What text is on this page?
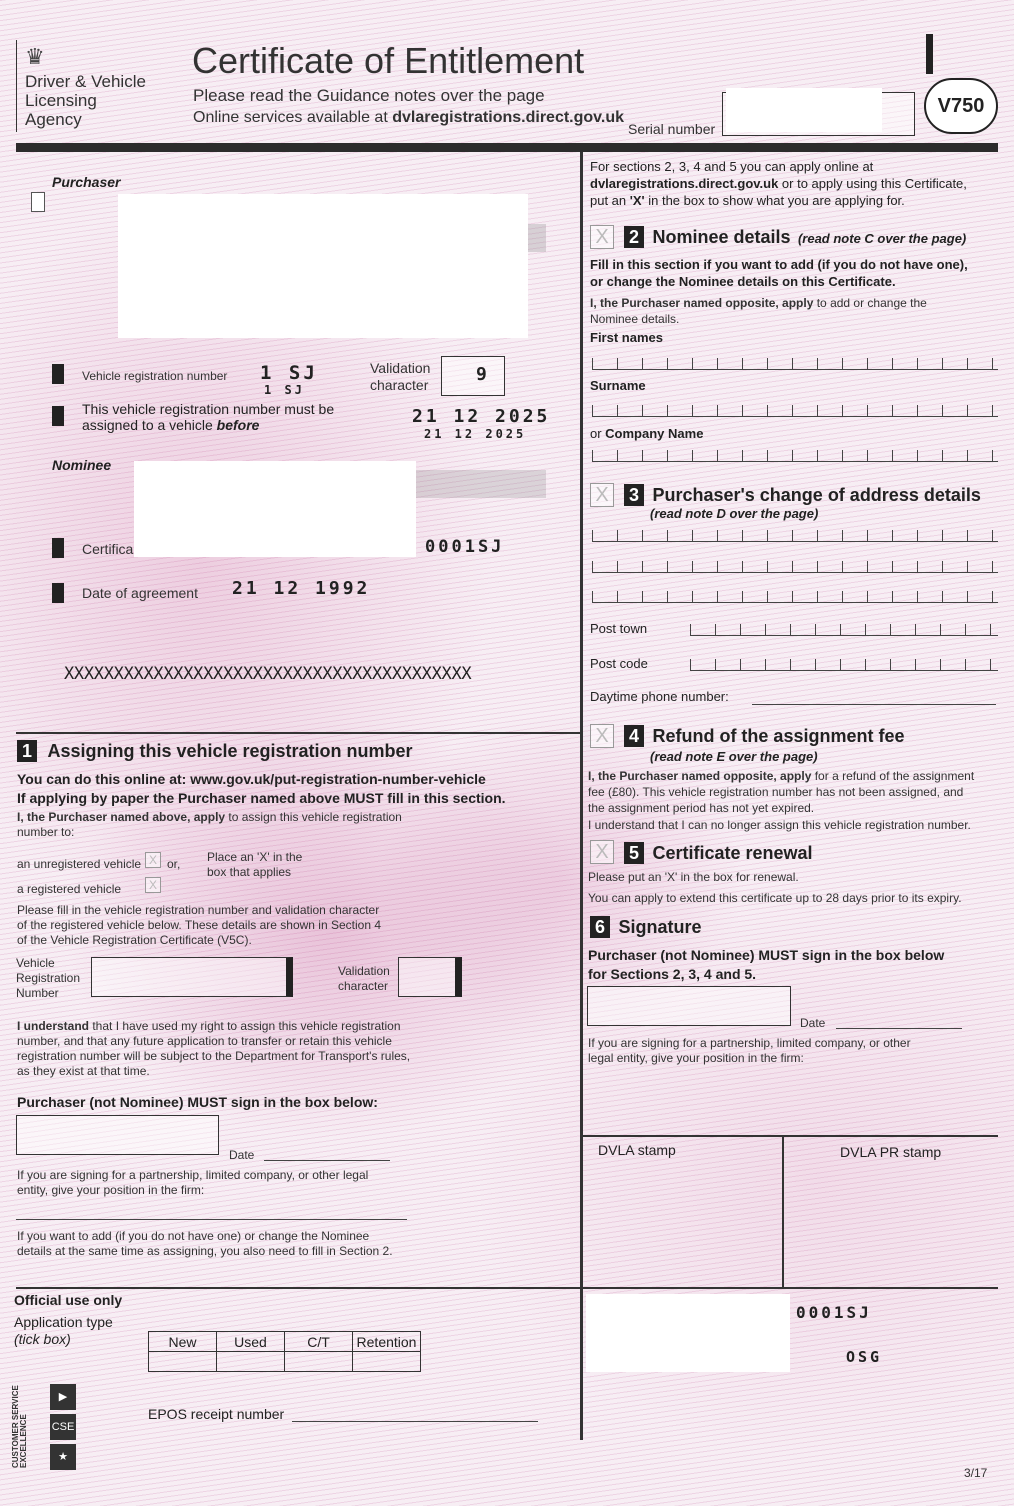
♛
Driver & Vehicle
Licensing
Agency
Certificate of Entitlement
Please read the Guidance notes over the page
Online services available at dvlaregistrations.direct.gov.uk
Serial number
V750
Purchaser
Vehicle registration number 1 SJ
1 SJ
Validation
character	9
This vehicle registration number must be
assigned to a vehicle before	21 12 2025
21 12 2025
Nominee
Certifica	0001SJ
Date of agreement 21 12 1992
XXXXXXXXXXXXXXXXXXXXXXXXXXXXXXXXXXXXXXXXX
1 Assigning this vehicle registration number
You can do this online at: www.gov.uk/put-registration-number-vehicle
If applying by paper the Purchaser named above MUST fill in this section.
I, the Purchaser named above, apply to assign this vehicle registration
number to:
an unregistered vehicle X or, Place an 'X' in the
box that applies
a registered vehicle	X
Please fill in the vehicle registration number and validation character
of the registered vehicle below. These details are shown in Section 4
of the Vehicle Registration Certificate (V5C).
Vehicle
Registration
Number
Validation
character
I understand that I have used my right to assign this vehicle registration
number, and that any future application to transfer or retain this vehicle
registration number will be subject to the Department for Transport's rules,
as they exist at that time.
Purchaser (not Nominee) MUST sign in the box below:
Date
If you are signing for a partnership, limited company, or other legal
entity, give your position in the firm:
If you want to add (if you do not have one) or change the Nominee
details at the same time as assigning, you also need to fill in Section 2.
Official use only
Application type
(tick box)	New	Used	C/T	Retention

EPOS receipt number
CUSTOMER SERVICE EXCELLENCE
▶
CSE
★
For sections 2, 3, 4 and 5 you can apply online at
dvlaregistrations.direct.gov.uk or to apply using this Certificate,
put an 'X' in the box to show what you are applying for.
X 2 Nominee details (read note C over the page)
Fill in this section if you want to add (if you do not have one),
or change the Nominee details on this Certificate.
I, the Purchaser named opposite, apply to add or change the
Nominee details.
First names
Surname
or Company Name
X 3 Purchaser's change of address details
(read note D over the page)
Post town
Post code
Daytime phone number:
X 4 Refund of the assignment fee
(read note E over the page)
I, the Purchaser named opposite, apply for a refund of the assignment
fee (£80). This vehicle registration number has not been assigned, and
the assignment period has not yet expired.
I understand that I can no longer assign this vehicle registration number.
X 5 Certificate renewal
Please put an 'X' in the box for renewal.
You can apply to extend this certificate up to 28 days prior to its expiry.
6 Signature
Purchaser (not Nominee) MUST sign in the box below
for Sections 2, 3, 4 and 5.
Date
If you are signing for a partnership, limited company, or other
legal entity, give your position in the firm:
DVLA stamp	DVLA PR stamp
0001SJ
OSG
3/17
